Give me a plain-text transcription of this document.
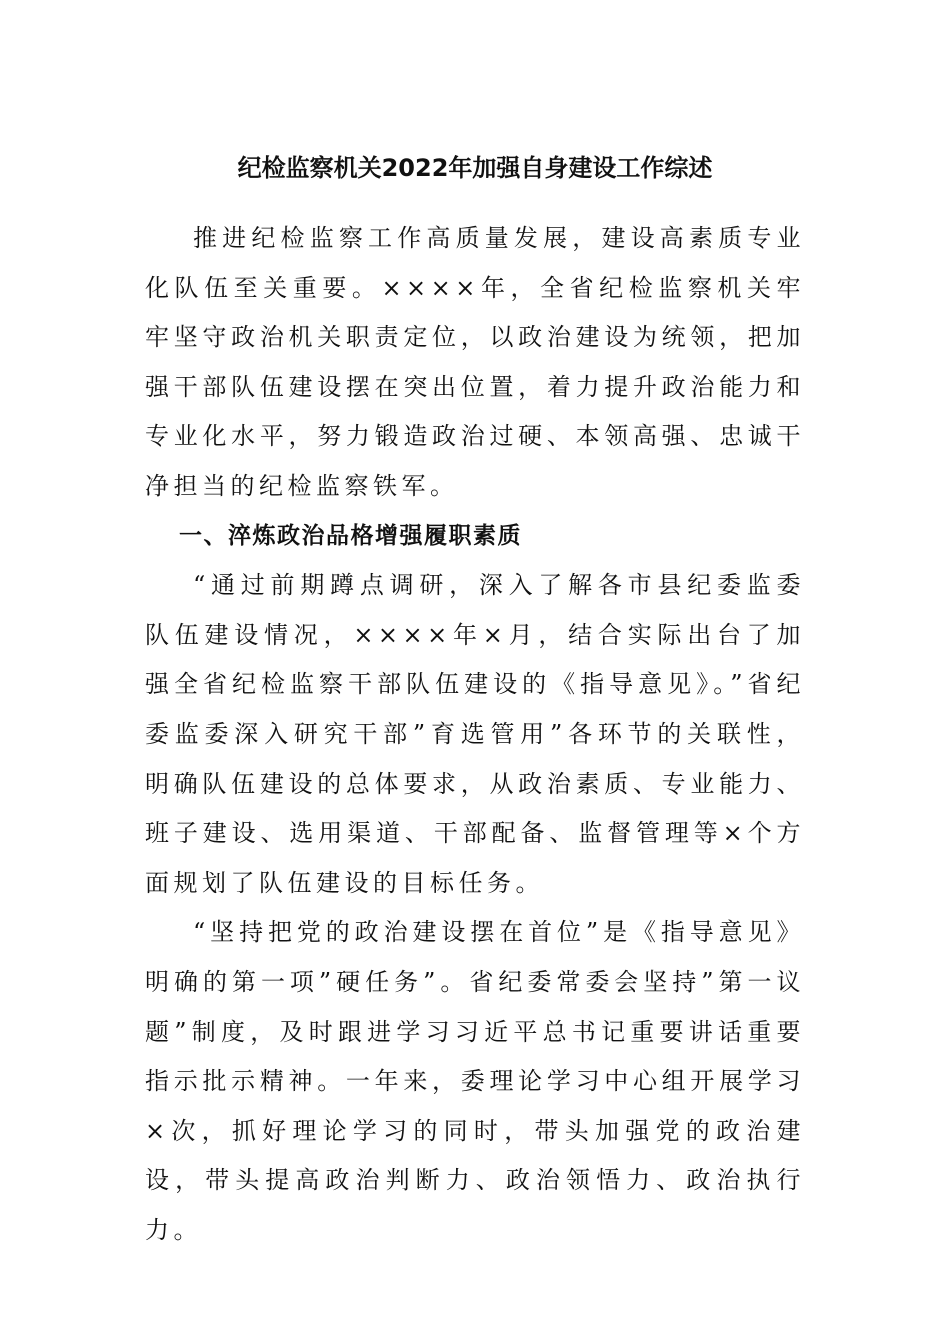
纪检监察机关2022年加强自身建设工作综述

推进纪检监察工作高质量发展，建设高素质专业化队伍至关重要。××××年，全省纪检监察机关牢牢坚守政治机关职责定位，以政治建设为统领，把加强干部队伍建设摆在突出位置，着力提升政治能力和专业化水平，努力锻造政治过硬、本领高强、忠诚干净担当的纪检监察铁军。

一、淬炼政治品格增强履职素质

“通过前期蹲点调研，深入了解各市县纪委监委队伍建设情况，××××年×月，结合实际出台了加强全省纪检监察干部队伍建设的《指导意见》。”省纪委监委深入研究干部”育选管用”各环节的关联性，明确队伍建设的总体要求，从政治素质、专业能力、班子建设、选用渠道、干部配备、监督管理等×个方面规划了队伍建设的目标任务。

“坚持把党的政治建设摆在首位”是《指导意见》明确的第一项”硬任务”。省纪委常委会坚持”第一议题”制度，及时跟进学习习近平总书记重要讲话重要指示批示精神。一年来，委理论学习中心组开展学习×次，抓好理论学习的同时，带头加强党的政治建设，带头提高政治判断力、政治领悟力、政治执行力。
